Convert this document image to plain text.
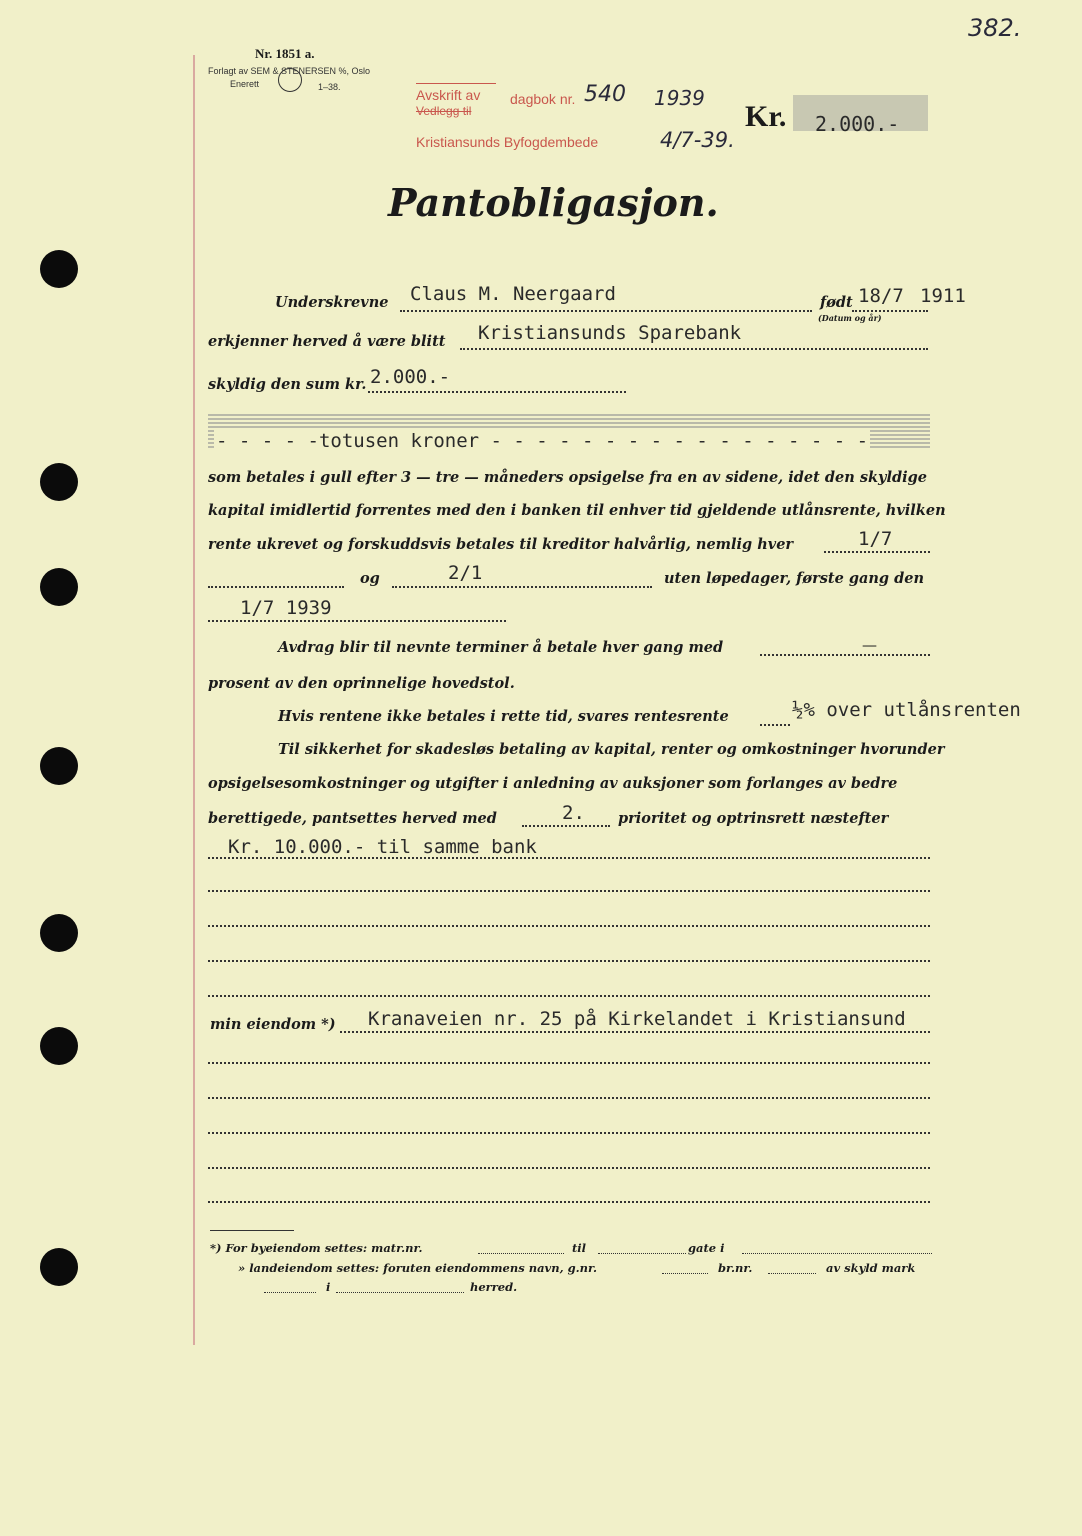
Nr. 1851 a.
Forlagt av SEM & STENERSEN %, Oslo
Enerett	1–38.	Avskrift av
Vedlegg til
dagbok nr. 540 1939
Kristiansunds Byfogdembede	4/7-39.
Kr. 2.000.-
382.
Pantobligasjon.
Underskrevne Claus M. Neergaard	født 18/7 1911
(Datum og år)
erkjenner herved å være blitt Kristiansunds Sparebank
skyldig den sum kr. 2.000.-
- - - - -totusen kroner - - - - - - - - - - - - - - - - -
som betales i gull efter 3 — tre — måneders opsigelse fra en av sidene, idet den skyldige
kapital imidlertid forrentes med den i banken til enhver tid gjeldende utlånsrente, hvilken
rente ukrevet og forskuddsvis betales til kreditor halvårlig, nemlig hver	1/7
og	2/1	uten løpedager, første gang den
1/7 1939
Avdrag blir til nevnte terminer å betale hver gang med	—
prosent av den oprinnelige hovedstol.
Hvis rentene ikke betales i rette tid, svares rentesrente	½% over utlånsrenten
Til sikkerhet for skadesløs betaling av kapital, renter og omkostninger hvorunder
opsigelsesomkostninger og utgifter i anledning av auksjoner som forlanges av bedre
berettigede, pantsettes herved med	2. prioritet og optrinsrett næstefter
Kr. 10.000.- til samme bank
min eiendom *) Kranaveien nr. 25 på Kirkelandet i Kristiansund
*) For byeiendom settes: matr.nr.	til	gate i
» landeiendom settes: foruten eiendommens navn, g.nr.	br.nr.	av skyld mark
i	herred.
